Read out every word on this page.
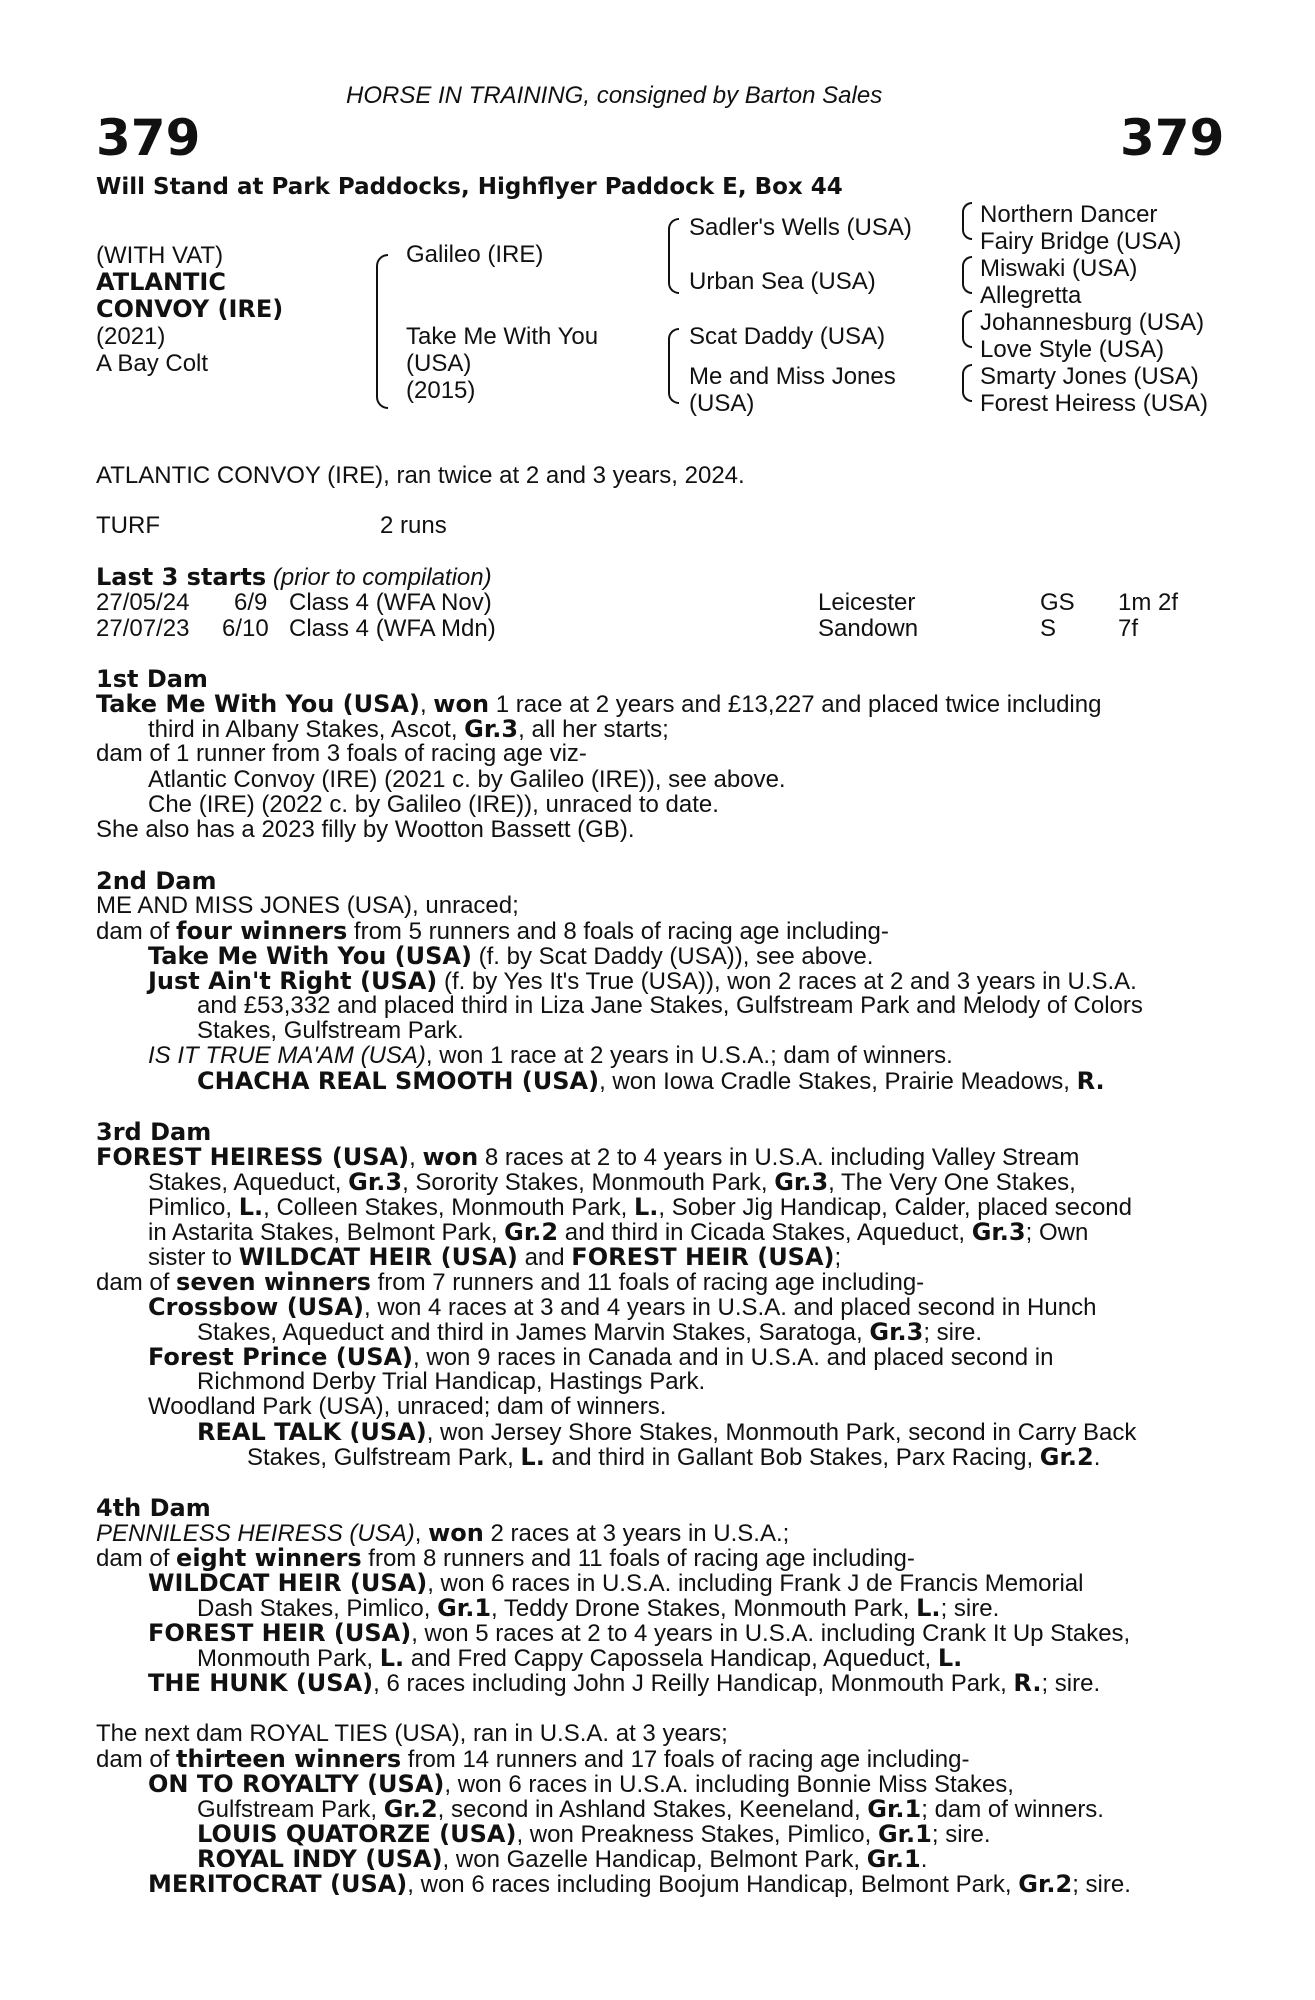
HORSE IN TRAINING, consigned by Barton Sales
379	379
Will Stand at Park Paddocks, Highflyer Paddock E, Box 44
(WITH VAT)
ATLANTIC
CONVOY (IRE)
(2021)
A Bay Colt
Galileo (IRE)
Take Me With You
(USA)
(2015)
Sadler's Wells (USA)
Urban Sea (USA)
Scat Daddy (USA)
Me and Miss Jones
(USA)
Northern Dancer
Fairy Bridge (USA)
Miswaki (USA)
Allegretta
Johannesburg (USA)
Love Style (USA)
Smarty Jones (USA)
Forest Heiress (USA)
ATLANTIC CONVOY (IRE), ran twice at 2 and 3 years, 2024.
TURF	2 runs
Last 3 starts (prior to compilation)
27/05/24 6/9 Class 4 (WFA Nov)	Leicester	GS 1m 2f
27/07/23 6/10 Class 4 (WFA Mdn)	Sandown	S	7f
1st Dam
Take Me With You (USA), won 1 race at 2 years and £13,227 and placed twice including
third in Albany Stakes, Ascot, Gr.3, all her starts;
dam of 1 runner from 3 foals of racing age viz-
Atlantic Convoy (IRE) (2021 c. by Galileo (IRE)), see above.
Che (IRE) (2022 c. by Galileo (IRE)), unraced to date.
She also has a 2023 filly by Wootton Bassett (GB).
2nd Dam
ME AND MISS JONES (USA), unraced;
dam of four winners from 5 runners and 8 foals of racing age including-
Take Me With You (USA) (f. by Scat Daddy (USA)), see above.
Just Ain't Right (USA) (f. by Yes It's True (USA)), won 2 races at 2 and 3 years in U.S.A.
and £53,332 and placed third in Liza Jane Stakes, Gulfstream Park and Melody of Colors
Stakes, Gulfstream Park.
IS IT TRUE MA'AM (USA), won 1 race at 2 years in U.S.A.; dam of winners.
CHACHA REAL SMOOTH (USA), won Iowa Cradle Stakes, Prairie Meadows, R.
3rd Dam
FOREST HEIRESS (USA), won 8 races at 2 to 4 years in U.S.A. including Valley Stream
Stakes, Aqueduct, Gr.3, Sorority Stakes, Monmouth Park, Gr.3, The Very One Stakes,
Pimlico, L., Colleen Stakes, Monmouth Park, L., Sober Jig Handicap, Calder, placed second
in Astarita Stakes, Belmont Park, Gr.2 and third in Cicada Stakes, Aqueduct, Gr.3; Own
sister to WILDCAT HEIR (USA) and FOREST HEIR (USA);
dam of seven winners from 7 runners and 11 foals of racing age including-
Crossbow (USA), won 4 races at 3 and 4 years in U.S.A. and placed second in Hunch
Stakes, Aqueduct and third in James Marvin Stakes, Saratoga, Gr.3; sire.
Forest Prince (USA), won 9 races in Canada and in U.S.A. and placed second in
Richmond Derby Trial Handicap, Hastings Park.
Woodland Park (USA), unraced; dam of winners.
REAL TALK (USA), won Jersey Shore Stakes, Monmouth Park, second in Carry Back
Stakes, Gulfstream Park, L. and third in Gallant Bob Stakes, Parx Racing, Gr.2.
4th Dam
PENNILESS HEIRESS (USA), won 2 races at 3 years in U.S.A.;
dam of eight winners from 8 runners and 11 foals of racing age including-
WILDCAT HEIR (USA), won 6 races in U.S.A. including Frank J de Francis Memorial
Dash Stakes, Pimlico, Gr.1, Teddy Drone Stakes, Monmouth Park, L.; sire.
FOREST HEIR (USA), won 5 races at 2 to 4 years in U.S.A. including Crank It Up Stakes,
Monmouth Park, L. and Fred Cappy Capossela Handicap, Aqueduct, L.
THE HUNK (USA), 6 races including John J Reilly Handicap, Monmouth Park, R.; sire.
The next dam ROYAL TIES (USA), ran in U.S.A. at 3 years;
dam of thirteen winners from 14 runners and 17 foals of racing age including-
ON TO ROYALTY (USA), won 6 races in U.S.A. including Bonnie Miss Stakes,
Gulfstream Park, Gr.2, second in Ashland Stakes, Keeneland, Gr.1; dam of winners.
LOUIS QUATORZE (USA), won Preakness Stakes, Pimlico, Gr.1; sire.
ROYAL INDY (USA), won Gazelle Handicap, Belmont Park, Gr.1.
MERITOCRAT (USA), won 6 races including Boojum Handicap, Belmont Park, Gr.2; sire.
